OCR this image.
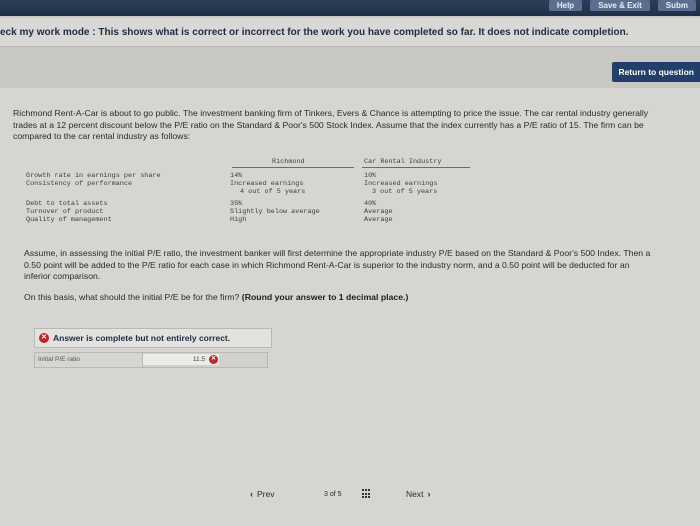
Help	Save & Exit	Subm
eck my work mode : This shows what is correct or incorrect for the work you have completed so far. It does not indicate completion.
Return to question
Richmond Rent-A-Car is about to go public. The investment banking firm of Tinkers, Evers & Chance is attempting to price the issue. The car rental industry generally trades at a 12 percent discount below the P/E ratio on the Standard & Poor's 500 Stock Index. Assume that the index currently has a P/E ratio of 15. The firm can be compared to the car rental industry as follows:
Richmond	Car Rental Industry
Growth rate in earnings per share	14%	10%
Consistency of performance	Increased earnings	Increased earnings
4 out of 5 years	3 out of 5 years
Debt to total assets	35%	40%
Turnover of product	Slightly below average	Average
Quality of management	High	Average
Assume, in assessing the initial P/E ratio, the investment banker will first determine the appropriate industry P/E based on the Standard & Poor's 500 Index. Then a 0.50 point will be added to the P/E ratio for each case in which Richmond Rent-A-Car is superior to the industry norm, and a 0.50 point will be deducted for an inferior comparison.
On this basis, what should the initial P/E be for the firm? (Round your answer to 1 decimal place.)
✕ Answer is complete but not entirely correct.
Initial P/E ratio	11.5 ✕
‹ Prev	3 of 5	Next ›
